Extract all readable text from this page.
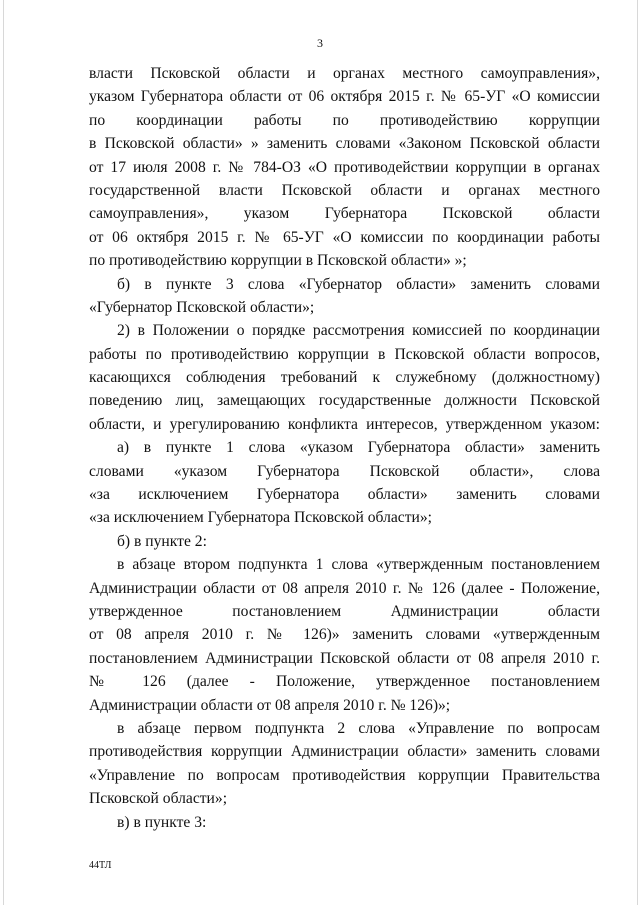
3
власти Псковской области и органах местного самоуправления»,
указом Губернатора области от 06 октября 2015 г. № 65-УГ «О комиссии
по координации работы по противодействию коррупции
в Псковской области» » заменить словами «Законом Псковской области
от 17 июля 2008 г. № 784-ОЗ «О противодействии коррупции в органах
государственной власти Псковской области и органах местного
самоуправления», указом Губернатора Псковской области
от 06 октября 2015 г. № 65-УГ «О комиссии по координации работы
по противодействию коррупции в Псковской области» »;
б) в пункте 3 слова «Губернатор области» заменить словами
«Губернатор Псковской области»;
2) в Положении о порядке рассмотрения комиссией по координации
работы по противодействию коррупции в Псковской области вопросов,
касающихся соблюдения требований к служебному (должностному)
поведению лиц, замещающих государственные должности Псковской
области, и урегулированию конфликта интересов, утвержденном указом:
а) в пункте 1 слова «указом Губернатора области» заменить
словами «указом Губернатора Псковской области», слова
«за исключением Губернатора области» заменить словами
«за исключением Губернатора Псковской области»;
б) в пункте 2:
в абзаце втором подпункта 1 слова «утвержденным постановлением
Администрации области от 08 апреля 2010 г. № 126 (далее - Положение,
утвержденное постановлением Администрации области
от 08 апреля 2010 г. № 126)» заменить словами «утвержденным
постановлением Администрации Псковской области от 08 апреля 2010 г.
№ 126 (далее - Положение, утвержденное постановлением
Администрации области от 08 апреля 2010 г. № 126)»;
в абзаце первом подпункта 2 слова «Управление по вопросам
противодействия коррупции Администрации области» заменить словами
«Управление по вопросам противодействия коррупции Правительства
Псковской области»;
в) в пункте 3:
44ТЛ
